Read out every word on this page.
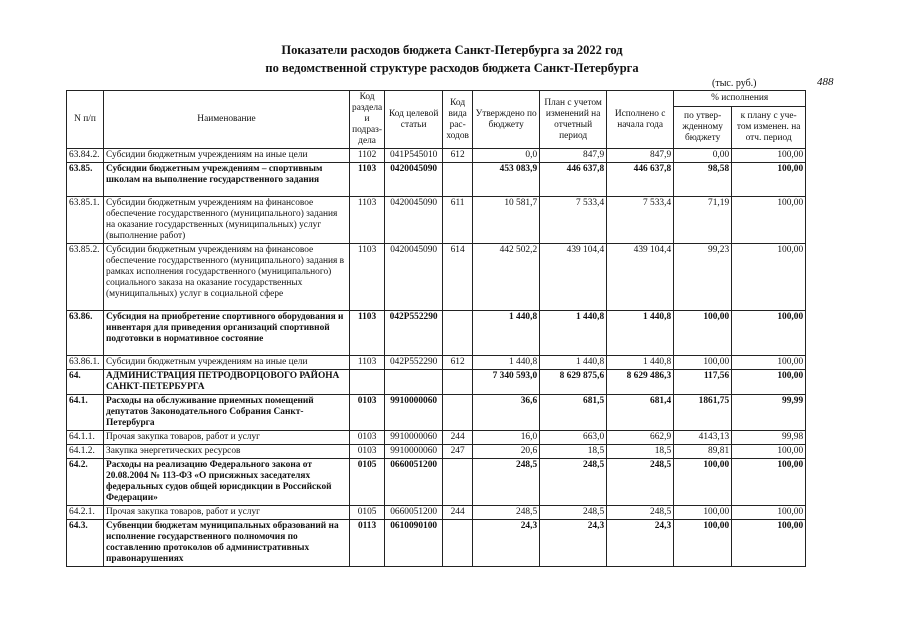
Показатели расходов бюджета Санкт-Петербурга за 2022 год
по ведомственной структуре расходов бюджета Санкт-Петербурга
(тыс. руб.)	488
N п/п	Наименование	Код раздела и подраз-дела	Код целевой статьи	Код вида рас-ходов	Утверждено по бюджету	План с учетом изменений на отчетный период	Исполнено с начала года	% исполнения	
								по утвер-жденному бюджету	к плану с уче-том изменен. на отч. период
63.84.2.	Субсидии бюджетным учреждениям на иные цели	1102	041P545010	612	0,0	847,9	847,9	0,00	100,00
63.85.	Субсидии бюджетным учреждениям – спортивным школам на выполнение государственного задания	1103	0420045090		453 083,9	446 637,8	446 637,8	98,58	100,00
63.85.1.	Субсидии бюджетным учреждениям на финансовое обеспечение государственного (муниципального) задания на оказание государственных (муниципальных) услуг (выполнение работ)	1103	0420045090	611	10 581,7	7 533,4	7 533,4	71,19	100,00
63.85.2.	Субсидии бюджетным учреждениям на финансовое обеспечение государственного (муниципального) задания в рамках исполнения государственного (муниципального) социального заказа на оказание государственных (муниципальных) услуг в социальной сфере	1103	0420045090	614	442 502,2	439 104,4	439 104,4	99,23	100,00
63.86.	Субсидия на приобретение спортивного оборудования и инвентаря для приведения организаций спортивной подготовки в нормативное состояние	1103	042P552290		1 440,8	1 440,8	1 440,8	100,00	100,00
63.86.1.	Субсидии бюджетным учреждениям на иные цели	1103	042P552290	612	1 440,8	1 440,8	1 440,8	100,00	100,00
64.	АДМИНИСТРАЦИЯ ПЕТРОДВОРЦОВОГО РАЙОНА САНКТ-ПЕТЕРБУРГА				7 340 593,0	8 629 875,6	8 629 486,3	117,56	100,00
64.1.	Расходы на обслуживание приемных помещений депутатов Законодательного Собрания Санкт-Петербурга	0103	9910000060		36,6	681,5	681,4	1861,75	99,99
64.1.1.	Прочая закупка товаров, работ и услуг	0103	9910000060	244	16,0	663,0	662,9	4143,13	99,98
64.1.2.	Закупка энергетических ресурсов	0103	9910000060	247	20,6	18,5	18,5	89,81	100,00
64.2.	Расходы на реализацию Федерального закона от 20.08.2004 № 113-ФЗ «О присяжных заседателях федеральных судов общей юрисдикции в Российской Федерации»	0105	0660051200		248,5	248,5	248,5	100,00	100,00
64.2.1.	Прочая закупка товаров, работ и услуг	0105	0660051200	244	248,5	248,5	248,5	100,00	100,00
64.3.	Субвенции бюджетам муниципальных образований на исполнение государственного полномочия по составлению протоколов об административных правонарушениях	0113	0610090100		24,3	24,3	24,3	100,00	100,00
